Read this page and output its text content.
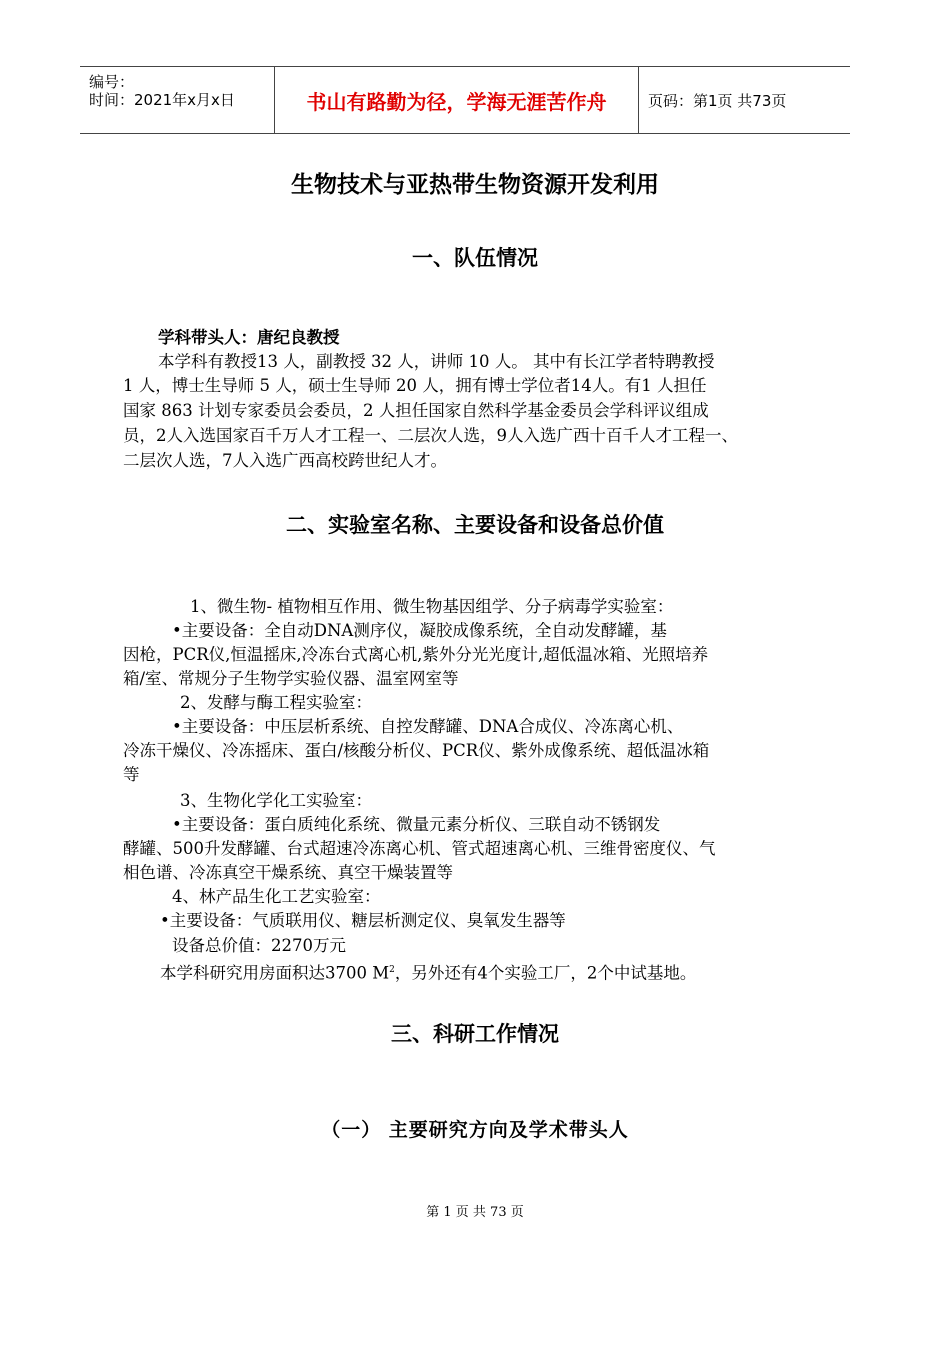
编号：
时间：2021年x月x日	书山有路勤为径，学海无涯苦作舟	页码：第1页 共73页
生物技术与亚热带生物资源开发利用
一、队伍情况
学科带头人：唐纪良教授
本学科有教授13 人，副教授 32 人，讲师 10 人。 其中有长江学者特聘教授
1 人，博士生导师 5 人，硕士生导师 20 人，拥有博士学位者14人。有1 人担任
国家 863 计划专家委员会委员，2 人担任国家自然科学基金委员会学科评议组成
员，2人入选国家百千万人才工程一、二层次人选，9人入选广西十百千人才工程一、
二层次人选，7人入选广西高校跨世纪人才。
二、实验室名称、主要设备和设备总价值
1、微生物- 植物相互作用、微生物基因组学、分子病毒学实验室：
•主要设备：全自动DNA测序仪，凝胶成像系统，全自动发酵罐，基
因枪，PCR仪,恒温摇床,冷冻台式离心机,紫外分光光度计,超低温冰箱、光照培养
箱/室、常规分子生物学实验仪器、温室网室等
2、发酵与酶工程实验室：
•主要设备：中压层析系统、自控发酵罐、DNA合成仪、冷冻离心机、
冷冻干燥仪、冷冻摇床、蛋白/核酸分析仪、PCR仪、紫外成像系统、超低温冰箱
等
3、生物化学化工实验室：
•主要设备：蛋白质纯化系统、微量元素分析仪、三联自动不锈钢发
酵罐、500升发酵罐、台式超速冷冻离心机、管式超速离心机、三维骨密度仪、气
相色谱、冷冻真空干燥系统、真空干燥装置等
4、林产品生化工艺实验室：
•主要设备：气质联用仪、糖层析测定仪、臭氧发生器等
设备总价值：2270万元
本学科研究用房面积达3700 $M^2$，另外还有4个实验工厂，2个中试基地。
三、科研工作情况
（一） 主要研究方向及学术带头人
第 1 页 共 73 页
